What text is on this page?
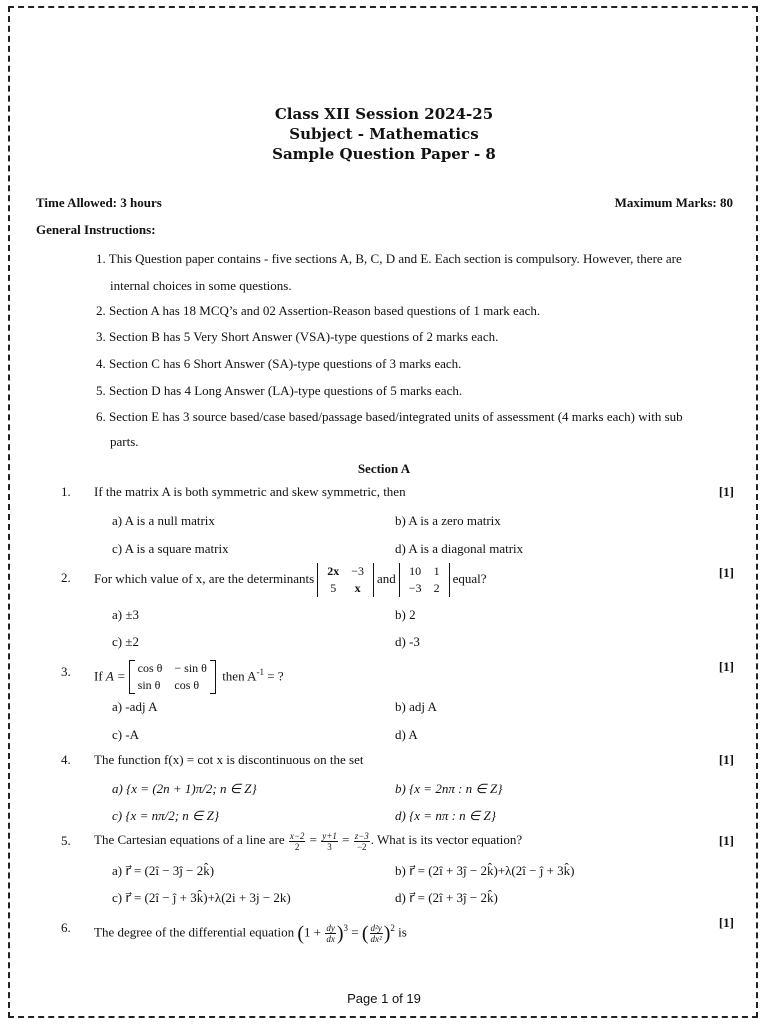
Class XII Session 2024-25
Subject - Mathematics
Sample Question Paper - 8
Time Allowed: 3 hours	Maximum Marks: 80
General Instructions:
1. This Question paper contains - five sections A, B, C, D and E. Each section is compulsory. However, there are
internal choices in some questions.
2. Section A has 18 MCQ’s and 02 Assertion-Reason based questions of 1 mark each.
3. Section B has 5 Very Short Answer (VSA)-type questions of 2 marks each.
4. Section C has 6 Short Answer (SA)-type questions of 3 marks each.
5. Section D has 4 Long Answer (LA)-type questions of 5 marks each.
6. Section E has 3 source based/case based/passage based/integrated units of assessment (4 marks each) with sub
parts.
Section A
1. If the matrix A is both symmetric and skew symmetric, then	[1]
a) A is a null matrix	b) A is a zero matrix
c) A is a square matrix	d) A is a diagonal matrix
2. For which value of x, are the determinants 2x	−3
5	x
and 10	1
−3	2
equal?	[1]
a) ±3	b) 2
c) ±2	d) -3
3. If A = cos θ	− sin θ
sin θ	cos θ
then $A^{-1}$ = ?
[1]
a) -adj A	b) adj A
c) -A	d) A
4. The function f(x) = cot x is discontinuous on the set	[1]
a) {x = (2n + 1)π/2; n ∈ Z}	b) {x = 2nπ : n ∈ Z}
c) {x = nπ/2; n ∈ Z}	d) {x = nπ : n ∈ Z}
5. The Cartesian equations of a line are $\frac{x-2}{2} = \frac{y+1}{3} = \frac{z-3}{-2}$ . What is its vector equation?	[1]
a) r⃗ = (2î − 3ĵ − 2k̂)	b) r⃗ = (2î + 3ĵ − 2k̂)+λ(2î − ĵ + 3k̂)
c) r⃗ = (2î − ĵ + 3k̂)+λ(2i + 3j − 2k)	d) r⃗ = (2î + 3ĵ − 2k̂)
6. The degree of the differential equation $(1 + \frac{dy}{dx} )^3$ = ( $\frac{\text{d²y}}{\text{dx²}} )^2$ is
[1]
Page 1 of 19
